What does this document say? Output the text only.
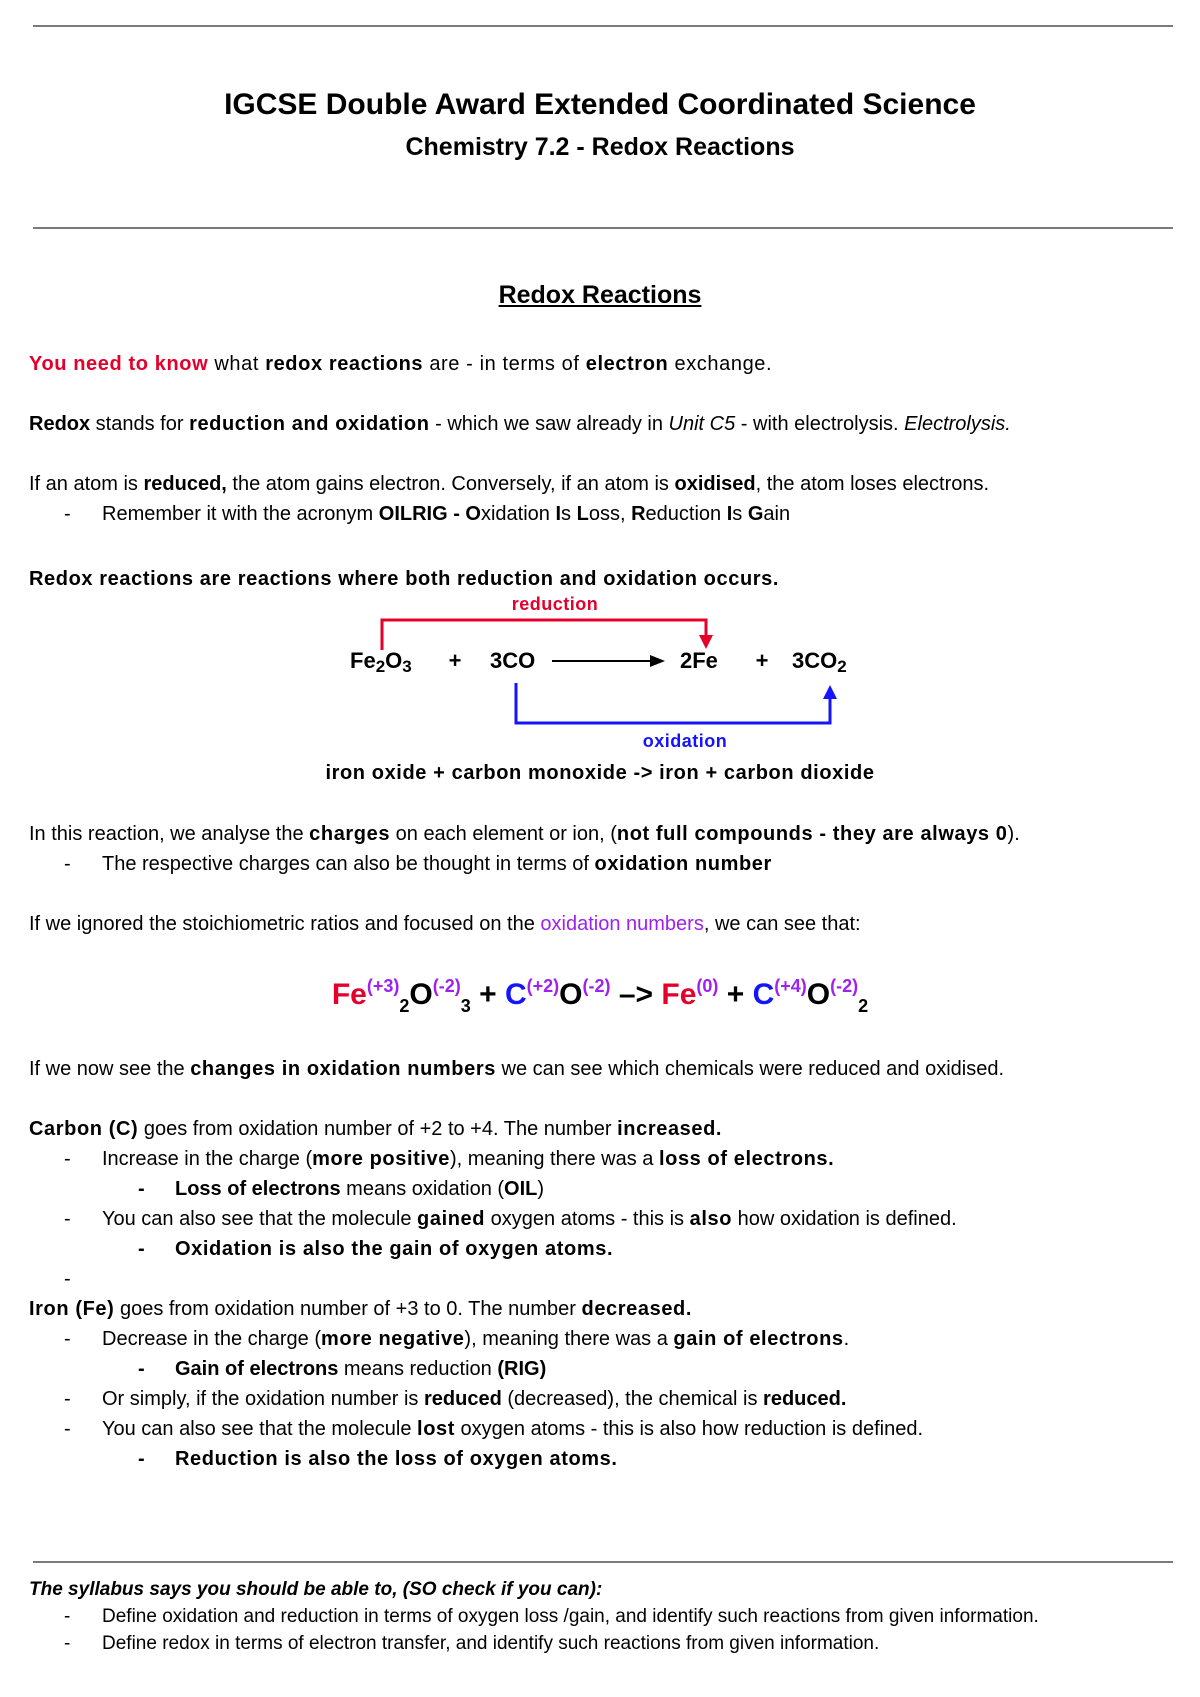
IGCSE Double Award Extended Coordinated Science
Chemistry 7.2 - Redox Reactions
Redox Reactions
You need to know what redox reactions are - in terms of electron exchange.
Redox stands for reduction and oxidation - which we saw already in Unit C5 - with electrolysis. Electrolysis.
If an atom is reduced, the atom gains electron. Conversely, if an atom is oxidised, the atom loses electrons.
- Remember it with the acronym OILRIG - Oxidation Is Loss, Reduction Is Gain
Redox reactions are reactions where both reduction and oxidation occurs.
reduction
Fe2O3 + 3CO	2Fe + 3CO2
oxidation
iron oxide + carbon monoxide -> iron + carbon dioxide
In this reaction, we analyse the charges on each element or ion, (not full compounds - they are always 0).
- The respective charges can also be thought in terms of oxidation number
If we ignored the stoichiometric ratios and focused on the oxidation numbers, we can see that:
$Fe^{(+3)}_2O^{(-2)}_3 + C^{(+2)}O^{(-2)} -> Fe^{(0)} + C^{(+4)}O^{(-2)}_2$
If we now see the changes in oxidation numbers we can see which chemicals were reduced and oxidised.
Carbon (C) goes from oxidation number of +2 to +4. The number increased.
- Increase in the charge (more positive), meaning there was a loss of electrons.
- Loss of electrons means oxidation (OIL)
- You can also see that the molecule gained oxygen atoms - this is also how oxidation is defined.
- Oxidation is also the gain of oxygen atoms.
-
Iron (Fe) goes from oxidation number of +3 to 0. The number decreased.
- Decrease in the charge (more negative), meaning there was a gain of electrons.
- Gain of electrons means reduction (RIG)
- Or simply, if the oxidation number is reduced (decreased), the chemical is reduced.
- You can also see that the molecule lost oxygen atoms - this is also how reduction is defined.
- Reduction is also the loss of oxygen atoms.
The syllabus says you should be able to, (SO check if you can):
- Define oxidation and reduction in terms of oxygen loss /gain, and identify such reactions from given information.
- Define redox in terms of electron transfer, and identify such reactions from given information.
